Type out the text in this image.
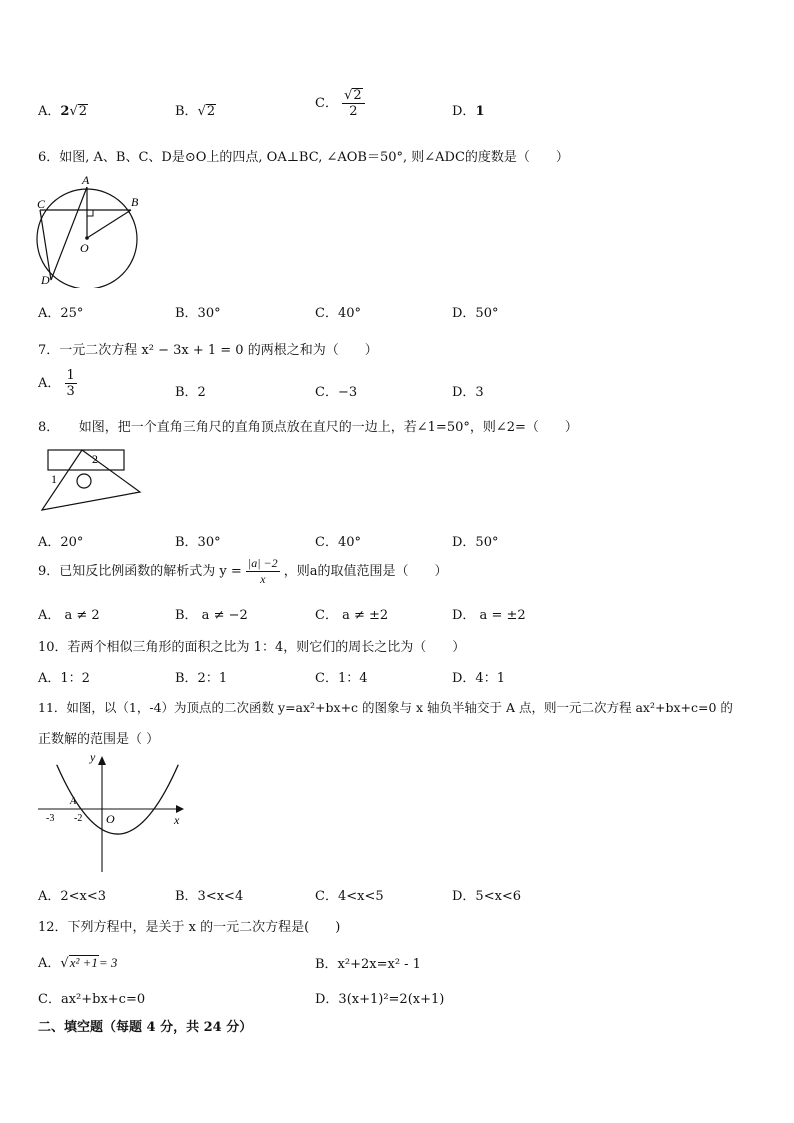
A．2√2	B．√2
C． $\frac{√2}{2}$	D．1
6．如图, A、B、C、D是⊙O上的四点, OA⊥BC, ∠AOB＝50°, 则∠ADC的度数是（　　）
A
B
C
D
O
A．25°	B．30°	C．40°	D．50°
7．一元二次方程 x² − 3x + 1 = 0 的两根之和为（　　）
A． $\frac{1}{3}$	B．2	C．−3	D．3
8．　　如图，把一个直角三角尺的直角顶点放在直尺的一边上，若∠1=50°，则∠2=（　　）
2
1
A．20°	B．30°	C．40°	D．50°
9．已知反比例函数的解析式为 $y = \frac{|a| -2}{x}$ ，则a的取值范围是（　　）
A． a ≠ 2	B． a ≠ −2	C． a ≠ ±2	D． a = ±2
10．若两个相似三角形的面积之比为 1：4，则它们的周长之比为（　　）
A．1：2	B．2：1	C．1：4	D．4：1
11．如图，以（1，-4）为顶点的二次函数 y=ax²+bx+c 的图象与 x 轴负半轴交于 A 点，则一元二次方程 ax²+bx+c=0 的
正数解的范围是（ ）
y
x
O
A
-3 -2
A．2<x<3	B．3<x<4	C．4<x<5	D．5<x<6
12．下列方程中，是关于 x 的一元二次方程是(　　)
A．√x² +1= 3	B．x²+2x=x² - 1
C．ax²+bx+c=0	D．3(x+1)²=2(x+1)
二、填空题（每题 4 分，共 24 分）
